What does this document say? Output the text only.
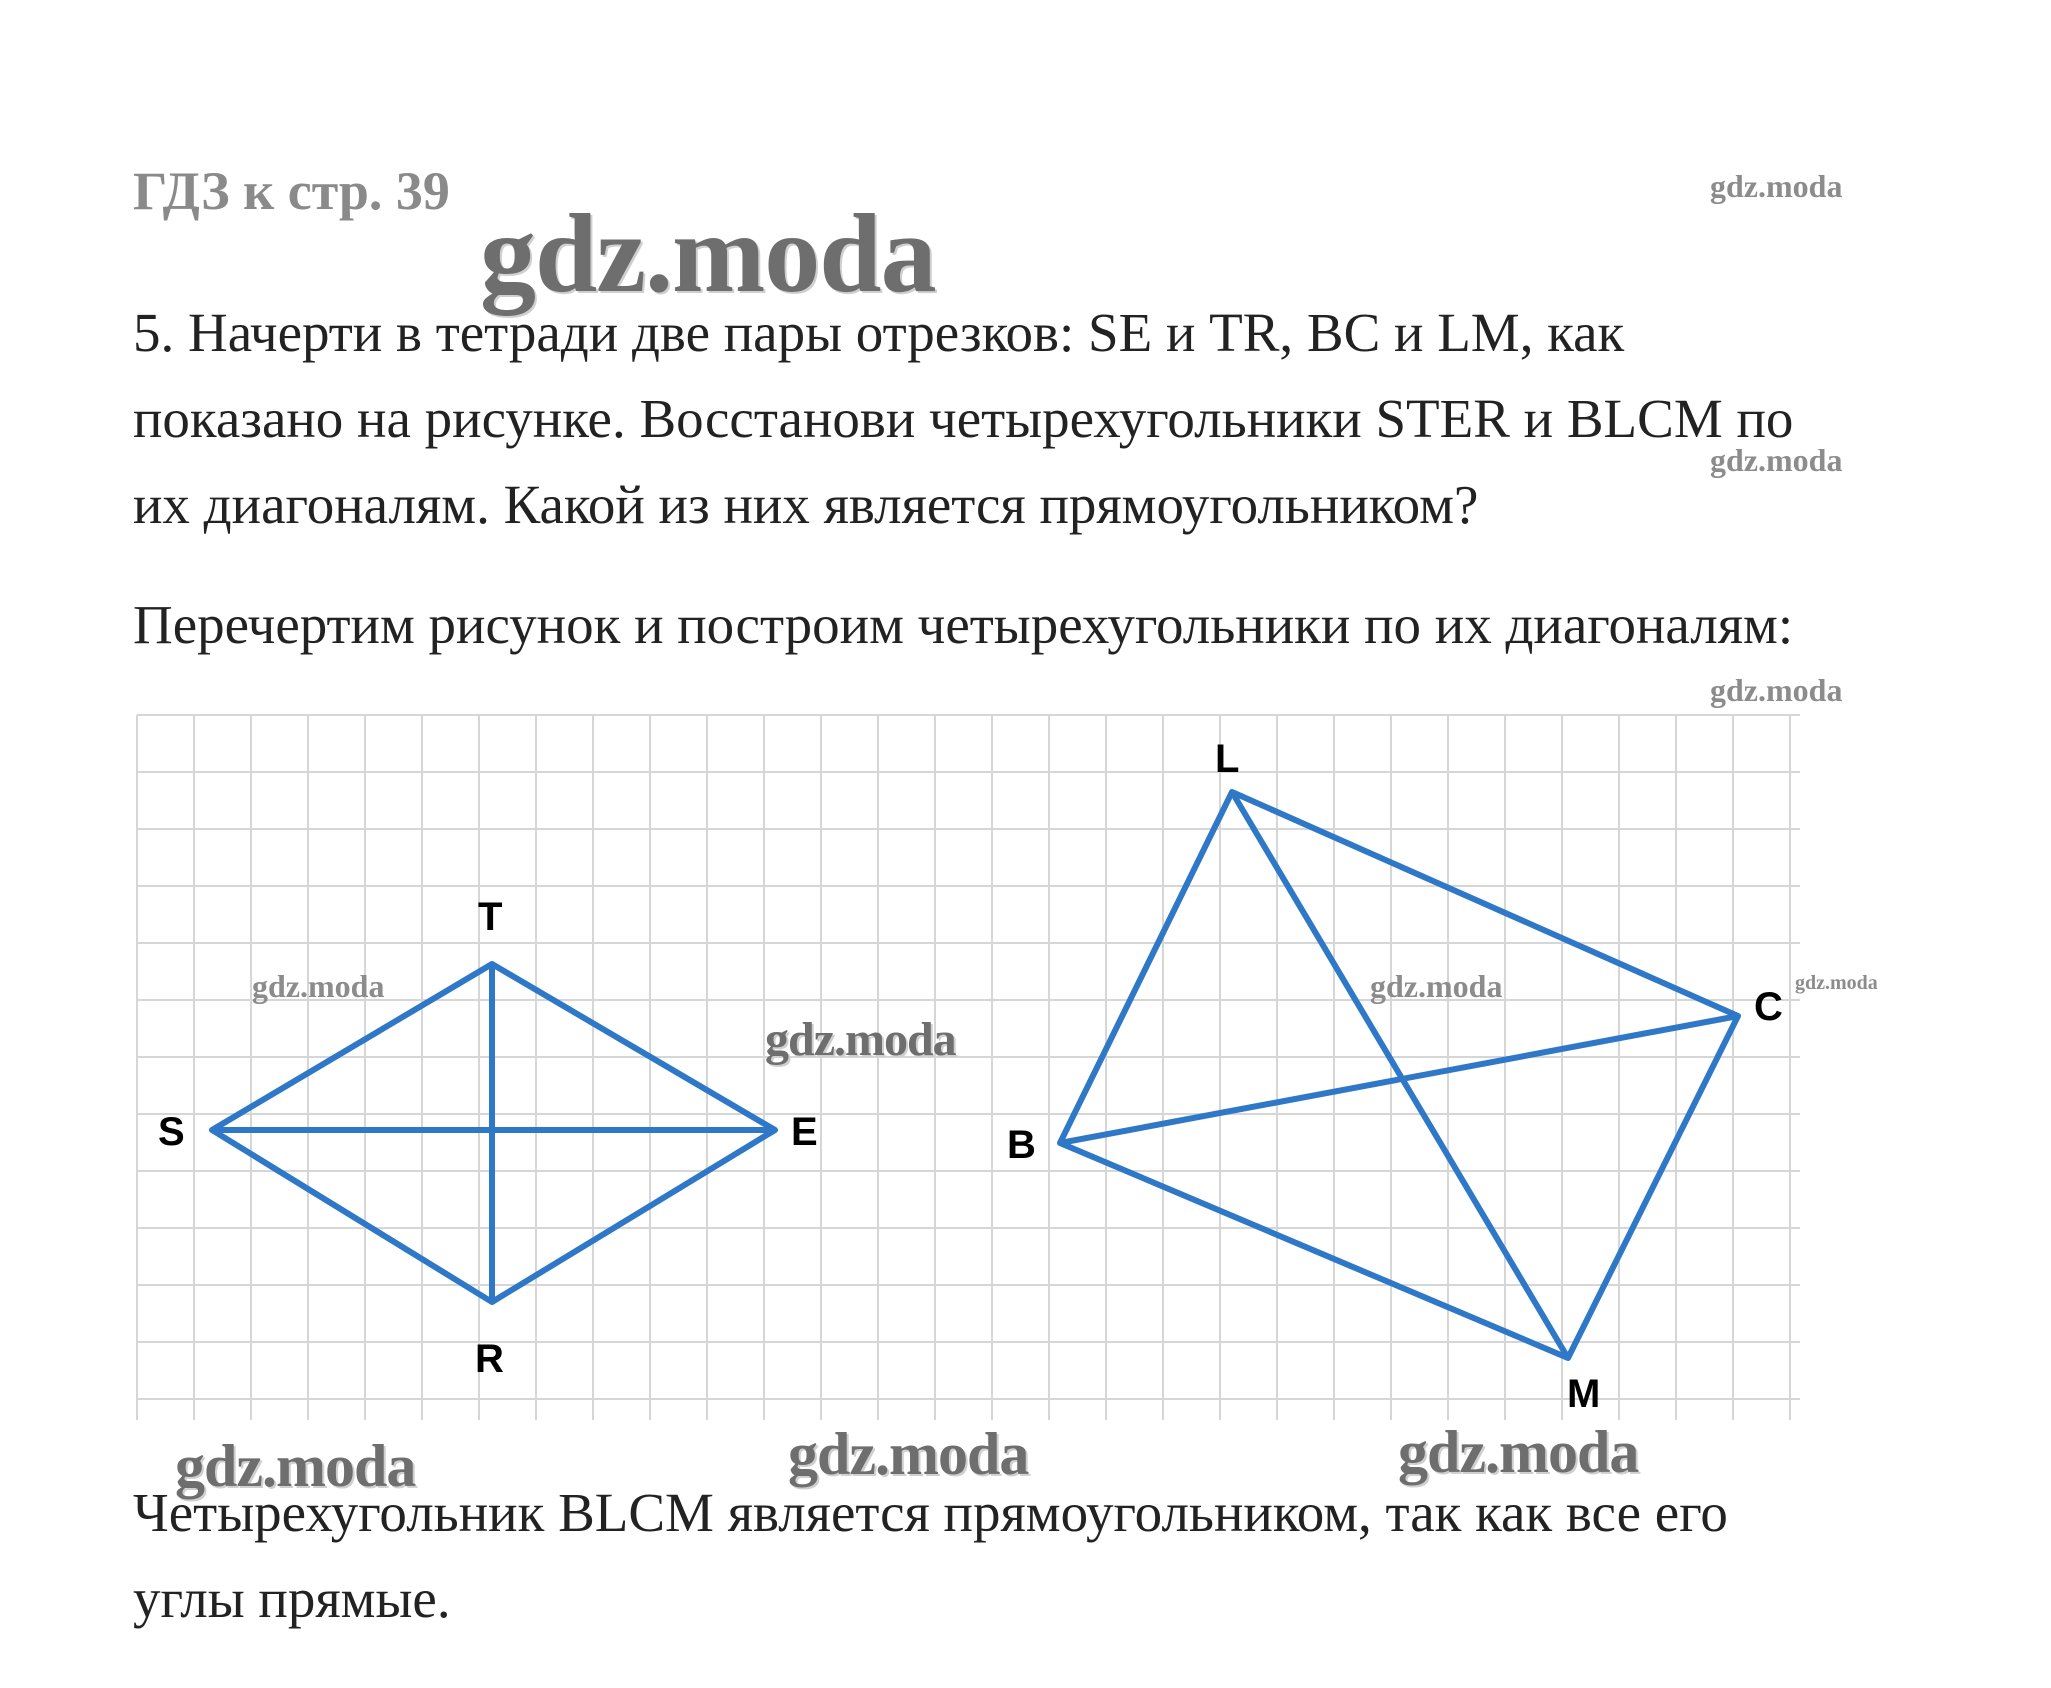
ГДЗ к стр. 39
gdz.moda
5. Начерти в тетради две пары отрезков: SE и TR, BC и LM, как
показано на рисунке. Восстанови четырехугольники STER и BLCM по
их диагоналям. Какой из них является прямоугольником?
Перечертим рисунок и построим четырехугольники по их диагоналям:
S
T
E
R
B
L
C
M
gdz.moda
gdz.moda
gdz.moda
gdz.moda	gdz.moda	gdz.moda
gdz.moda
gdz.moda	gdz.moda	gdz.moda
Четырехугольник BLCM является прямоугольником, так как все его
углы прямые.
